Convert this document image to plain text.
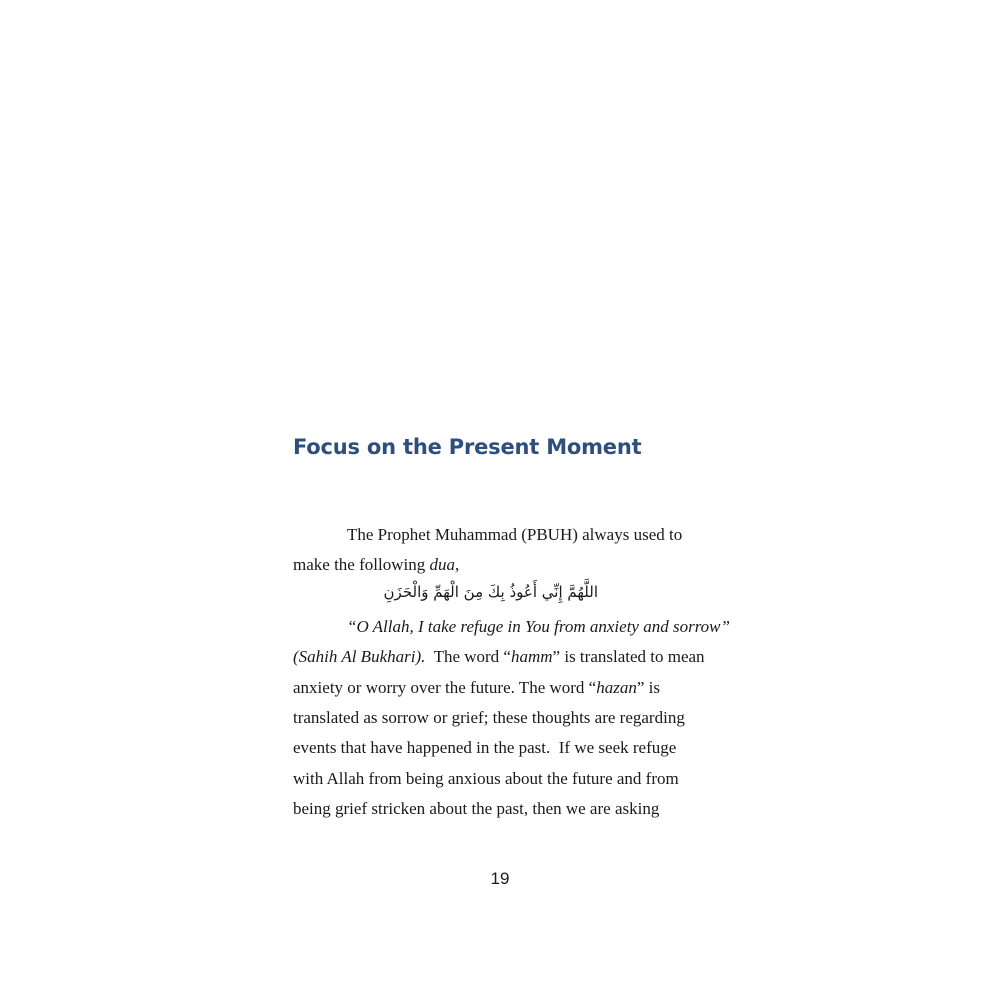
Focus on the Present Moment
The Prophet Muhammad (PBUH) always used to
make the following dua,
اللَّهُمَّ إِنِّي أَعُوذُ بِكَ مِنَ الْهَمِّ وَالْحَزَنِ
“O Allah, I take refuge in You from anxiety and sorrow”
(Sahih Al Bukhari).  The word “hamm” is translated to mean
anxiety or worry over the future. The word “hazan” is
translated as sorrow or grief; these thoughts are regarding
events that have happened in the past.  If we seek refuge
with Allah from being anxious about the future and from
being grief stricken about the past, then we are asking
19
